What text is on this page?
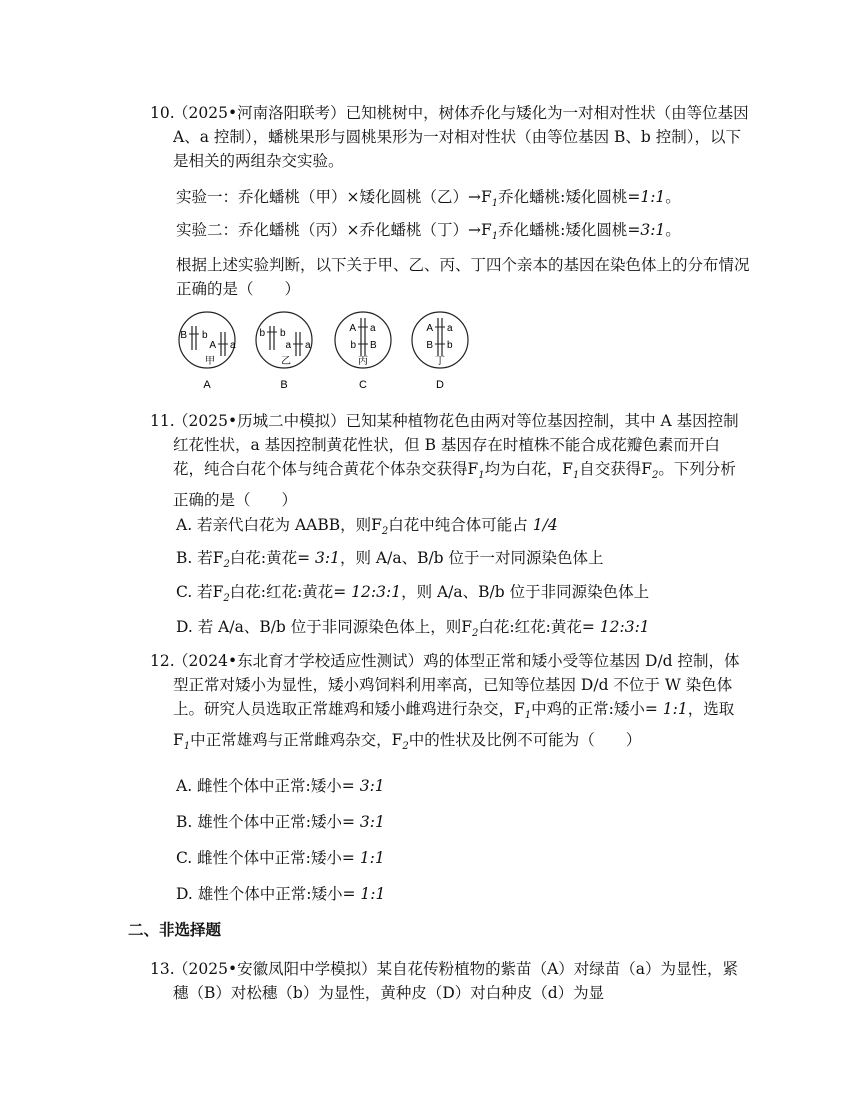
10.
（2025•河南洛阳联考）已知桃树中，树体乔化与矮化为一对相对性状（由等位基因 A、a 控制），蟠桃果形与圆桃果形为一对相对性状（由等位基因 B、b 控制），以下是相关的两组杂交实验。
实验一：乔化蟠桃（甲）×矮化圆桃（乙）$\to F_1$乔化蟠桃:矮化圆桃=1:1。
实验二：乔化蟠桃（丙）×乔化蟠桃（丁）$\to F_1$乔化蟠桃:矮化圆桃=3:1。
根据上述实验判断，以下关于甲、乙、丙、丁四个亲本的基因在染色体上的分布情况正确的是（　　）
B b
A a
甲
A
b b
a a
乙
B
A a
b B
丙
C
A a
B b
丁
D
11.
（2025•历城二中模拟）已知某种植物花色由两对等位基因控制，其中 A 基因控制红花性状，a 基因控制黄花性状，但 B 基因存在时植株不能合成花瓣色素而开白花，纯合白花个体与纯合黄花个体杂交获得$F_1$均为白花，$F_1$自交获得$F_2$。下列分析正确的是（　　）
A. 若亲代白花为 AABB，则$F_2$白花中纯合体可能占 1/4
B. 若$F_2$白花:黄花= 3:1，则 A/a、B/b 位于一对同源染色体上
C. 若$F_2$白花:红花:黄花= 12:3:1，则 A/a、B/b 位于非同源染色体上
D. 若 A/a、B/b 位于非同源染色体上，则$F_2$白花:红花:黄花= 12:3:1
12.
（2024•东北育才学校适应性测试）鸡的体型正常和矮小受等位基因 D/d 控制，体型正常对矮小为显性，矮小鸡饲料利用率高，已知等位基因 D/d 不位于 W 染色体上。研究人员选取正常雄鸡和矮小雌鸡进行杂交，$F_1$中鸡的正常:矮小= 1:1，选取$F_1$中正常雄鸡与正常雌鸡杂交，$F_2$中的性状及比例不可能为（　　）
A. 雌性个体中正常:矮小= 3:1
B. 雄性个体中正常:矮小= 3:1
C. 雌性个体中正常:矮小= 1:1
D. 雄性个体中正常:矮小= 1:1
二、非选择题
13.
（2025•安徽凤阳中学模拟）某自花传粉植物的紫苗（A）对绿苗（a）为显性，紧穗（B）对松穗（b）为显性，黄种皮（D）对白种皮（d）为显
